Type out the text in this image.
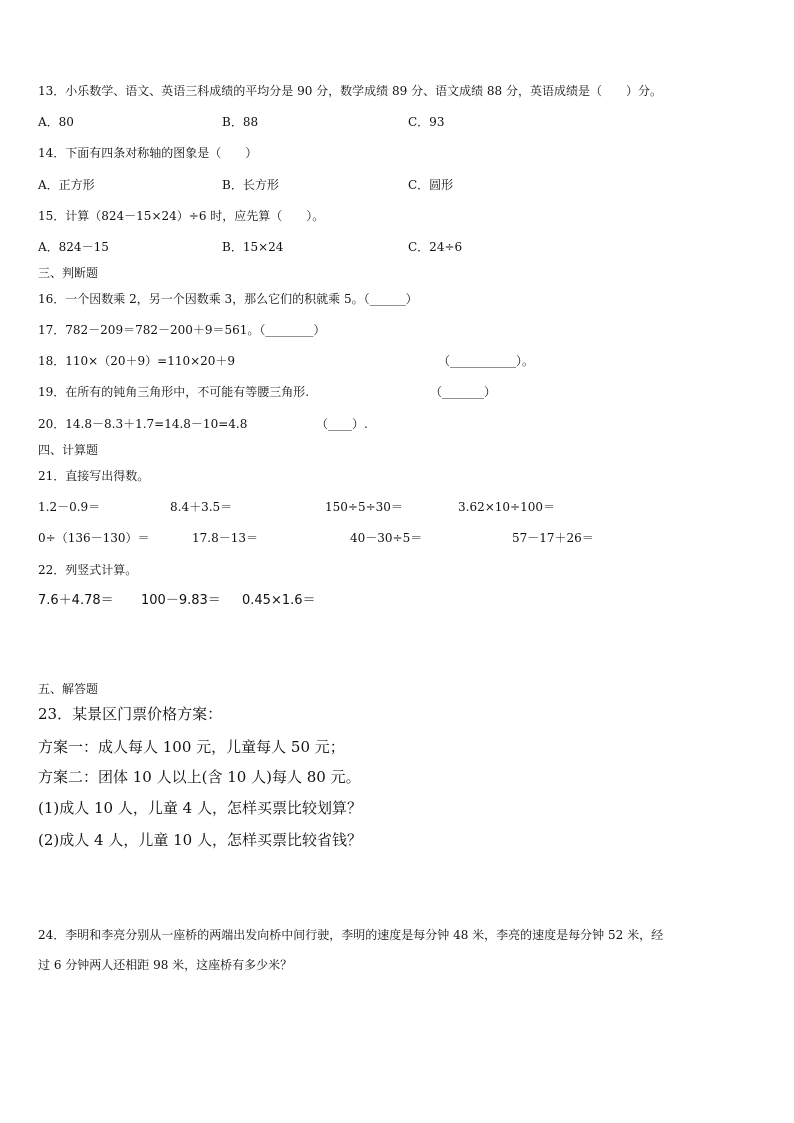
13．小乐数学、语文、英语三科成绩的平均分是 90 分，数学成绩 89 分、语文成绩 88 分，英语成绩是（　　）分。
A．80	B．88	C．93
14．下面有四条对称轴的图象是（　　）
A．正方形	B．长方形	C．圆形
15．计算（824－15×24）÷6 时，应先算（　　）。
A．824－15	B．15×24	C．24÷6
三、判断题
16．一个因数乘 2，另一个因数乘 3，那么它们的积就乘 5。（______）
17．782－209＝782－200＋9＝561。（________）
18．110×（20＋9）=110×20＋9	（___________）。
19．在所有的钝角三角形中，不可能有等腰三角形.	（_______）
20．14.8－8.3＋1.7=14.8－10=4.8	（____）.
四、计算题
21．直接写出得数。
1.2－0.9＝	8.4＋3.5＝	150÷5÷30＝	3.62×10÷100＝
0÷（136－130）＝	17.8－13＝	40－30÷5＝	57－17＋26＝
22．列竖式计算。
7.6＋4.78＝ 100－9.83＝ 0.45×1.6＝
五、解答题
23．某景区门票价格方案：
方案一：成人每人 100 元，儿童每人 50 元；
方案二：团体 10 人以上(含 10 人)每人 80 元。
(1)成人 10 人，儿童 4 人，怎样买票比较划算？
(2)成人 4 人，儿童 10 人，怎样买票比较省钱？
24．李明和李亮分别从一座桥的两端出发向桥中间行驶，李明的速度是每分钟 48 米，李亮的速度是每分钟 52 米，经
过 6 分钟两人还相距 98 米，这座桥有多少米？
